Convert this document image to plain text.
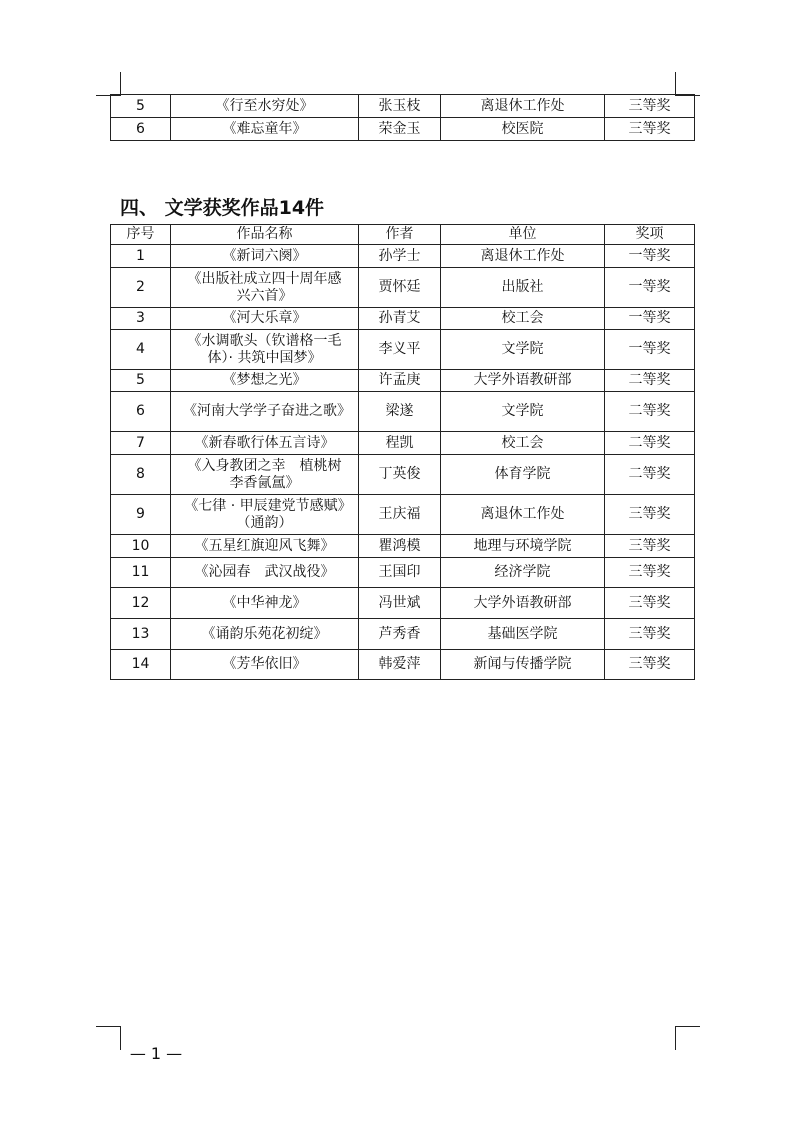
5	《行至水穷处》	张玉枝	离退休工作处	三等奖
6	《难忘童年》	荣金玉	校医院	三等奖
四、 文学获奖作品14件
序号	作品名称	作者	单位	奖项
1	《新词六阕》	孙学士	离退休工作处	一等奖
2	《出版社成立四十周年感兴六首》	贾怀廷	出版社	一等奖
3	《河大乐章》	孙青艾	校工会	一等奖
4	《水调歌头（钦谱格一毛体）· 共筑中国梦》	李义平	文学院	一等奖
5	《梦想之光》	许孟庚	大学外语教研部	二等奖
6	《河南大学学子奋进之歌》	梁遂	文学院	二等奖
7	《新春歌行体五言诗》	程凯	校工会	二等奖
8	《入身教团之幸　植桃树李香氤氲》	丁英俊	体育学院	二等奖
9	《七律 · 甲辰建党节感赋》（通韵）	王庆福	离退休工作处	三等奖
10	《五星红旗迎风飞舞》	瞿鸿模	地理与环境学院	三等奖
11	《沁园春　武汉战役》	王国印	经济学院	三等奖
12	《中华神龙》	冯世斌	大学外语教研部	三等奖
13	《诵韵乐苑花初绽》	芦秀香	基础医学院	三等奖
14	《芳华依旧》	韩爱萍	新闻与传播学院	三等奖
— 1 —
